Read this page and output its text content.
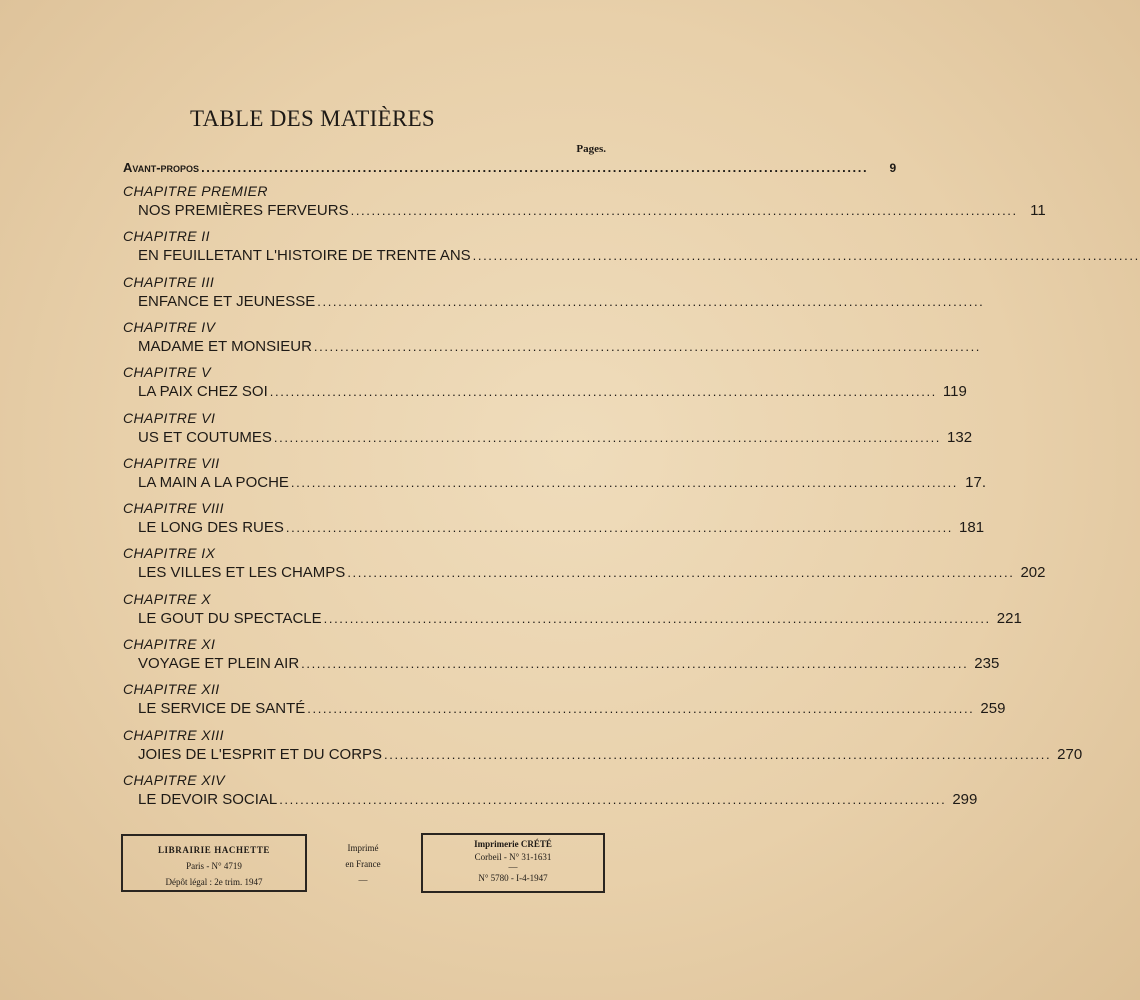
TABLE DES MATIÈRES
Pages.
Avant-propos ................................................................................................................................	9
CHAPITRE PREMIER
NOS PREMIÈRES FERVEURS ................................................................................................................................ 11
CHAPITRE II
EN FEUILLETANT L'HISTOIRE DE TRENTE ANS ................................................................................................................................
CHAPITRE III
ENFANCE ET JEUNESSE ................................................................................................................................
CHAPITRE IV
MADAME ET MONSIEUR ................................................................................................................................
CHAPITRE V
LA PAIX CHEZ SOI ................................................................................................................................ 119
CHAPITRE VI
US ET COUTUMES ................................................................................................................................ 132
CHAPITRE VII
LA MAIN A LA POCHE ................................................................................................................................ 17.
CHAPITRE VIII
LE LONG DES RUES ................................................................................................................................ 181
CHAPITRE IX
LES VILLES ET LES CHAMPS ................................................................................................................................ 202
CHAPITRE X
LE GOUT DU SPECTACLE ................................................................................................................................ 221
CHAPITRE XI
VOYAGE ET PLEIN AIR ................................................................................................................................ 235
CHAPITRE XII
LE SERVICE DE SANTÉ ................................................................................................................................ 259
CHAPITRE XIII
JOIES DE L'ESPRIT ET DU CORPS ................................................................................................................................ 270
CHAPITRE XIV
LE DEVOIR SOCIAL ................................................................................................................................ 299
LIBRAIRIE HACHETTE
Paris - N° 4719
Dépôt légal : 2e trim. 1947
Imprimé
en France
—
Imprimerie CRÉTÉ
Corbeil - N° 31-1631
—
N° 5780 - I-4-1947
